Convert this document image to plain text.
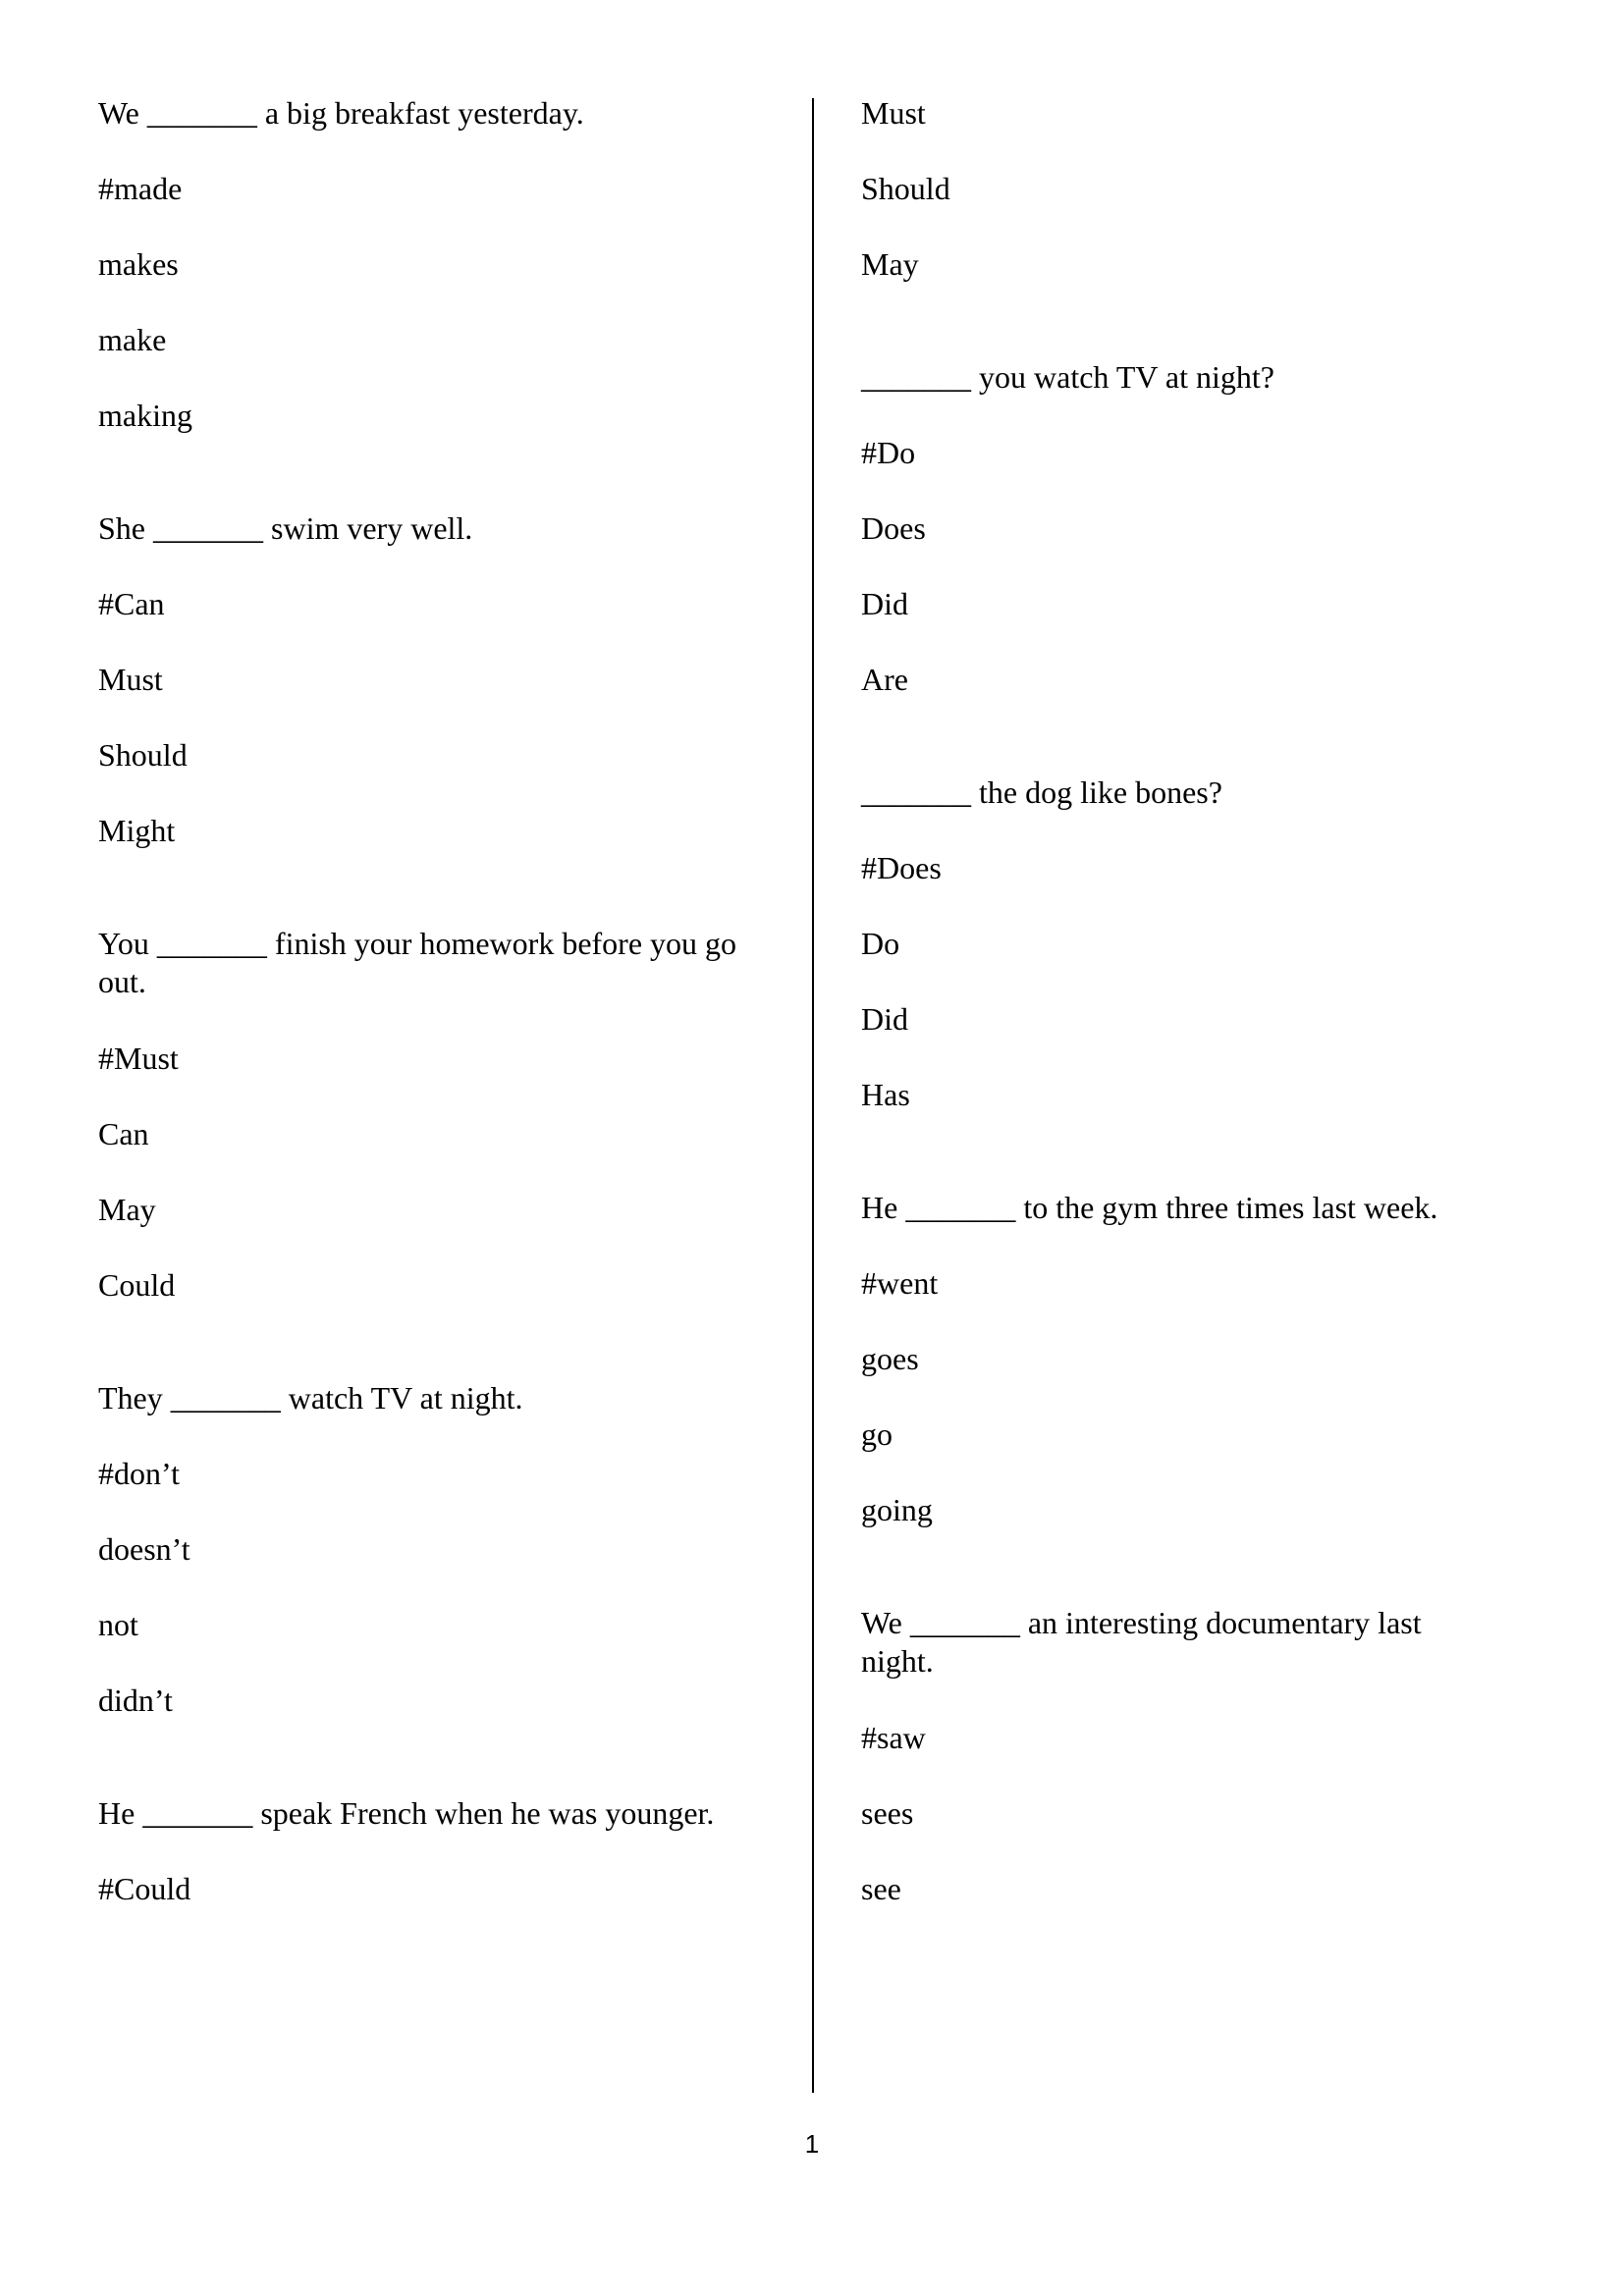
We _______ a big breakfast yesterday.
#made
makes
make
making
She _______ swim very well.
#Can
Must
Should
Might
You _______ finish your homework before you go out.
#Must
Can
May
Could
They _______ watch TV at night.
#don’t
doesn’t
not
didn’t
He _______ speak French when he was younger.
#Could
Must
Should
May
_______ you watch TV at night?
#Do
Does
Did
Are
_______ the dog like bones?
#Does
Do
Did
Has
He _______ to the gym three times last week.
#went
goes
go
going
We _______ an interesting documentary last night.
#saw
sees
see
1
